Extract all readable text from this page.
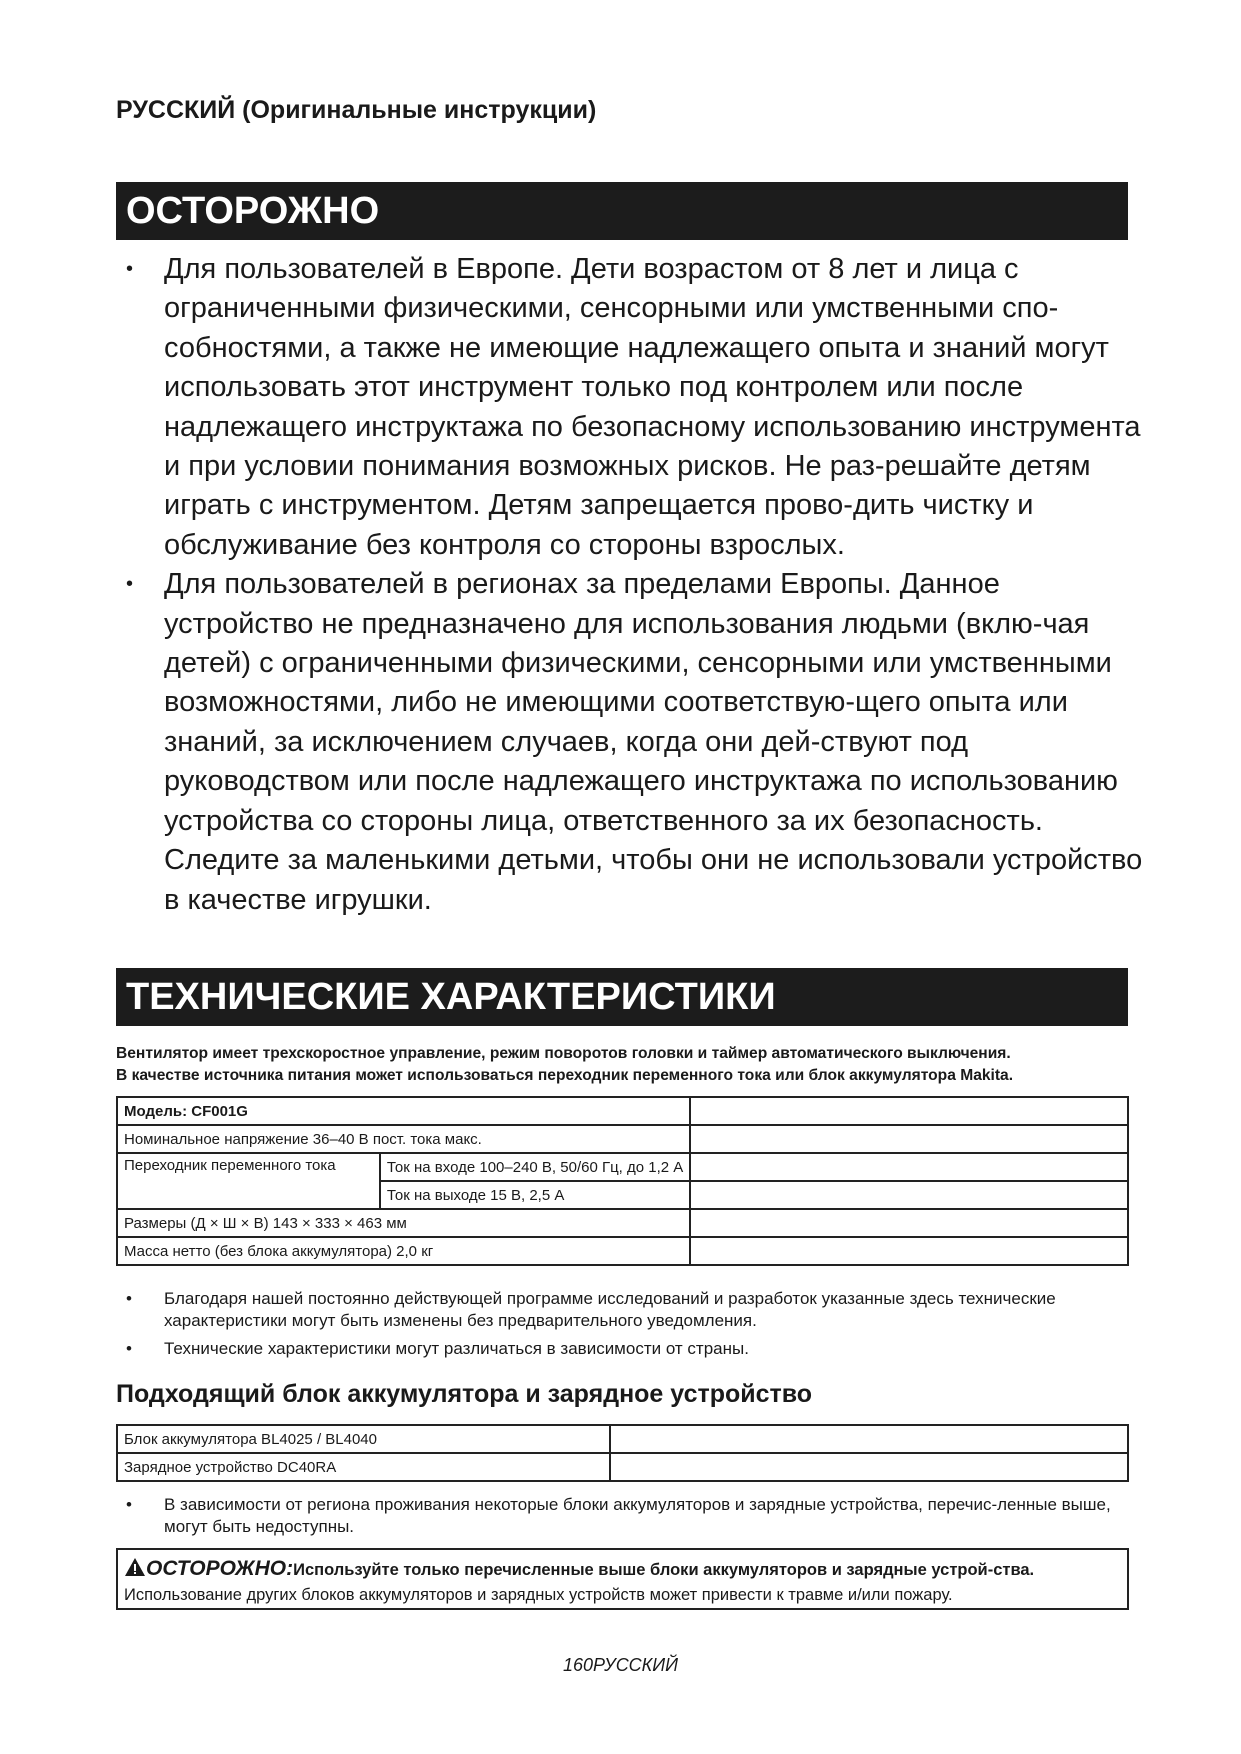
РУССКИЙ (Оригинальные инструкции)
ОСТОРОЖНО
• Для пользователей в Европе. Дети возрастом от 8 лет и лица с ограниченными физическими, сенсорными или умственными спо-собностями, а также не имеющие надлежащего опыта и знаний могут использовать этот инструмент только под контролем или после надлежащего инструктажа по безопасному использованию инструмента и при условии понимания возможных рисков. Не раз-решайте детям играть с инструментом. Детям запрещается прово-дить чистку и обслуживание без контроля со стороны взрослых.
• Для пользователей в регионах за пределами Европы. Данное устройство не предназначено для использования людьми (вклю-чая детей) с ограниченными физическими, сенсорными или умственными возможностями, либо не имеющими соответствую-щего опыта или знаний, за исключением случаев, когда они дей-ствуют под руководством или после надлежащего инструктажа по использованию устройства со стороны лица, ответственного за их безопасность. Следите за маленькими детьми, чтобы они не использовали устройство в качестве игрушки.
ТЕХНИЧЕСКИЕ ХАРАКТЕРИСТИКИ
Вентилятор имеет трехскоростное управление, режим поворотов головки и таймер автоматического выключения.
В качестве источника питания может использоваться переходник переменного тока или блок аккумулятора Makita.
Модель: CF001G		
Номинальное напряжение 36–40 В пост. тока макс.		
Переходник переменного тока	Ток на входе 100–240 В, 50/60 Гц, до 1,2 А	
	Ток на выходе 15 В, 2,5 А	
Размеры (Д × Ш × В) 143 × 333 × 463 мм		
Масса нетто (без блока аккумулятора) 2,0 кг		
• Благодаря нашей постоянно действующей программе исследований и разработок указанные здесь технические характеристики могут быть изменены без предварительного уведомления.
• Технические характеристики могут различаться в зависимости от страны.
Подходящий блок аккумулятора и зарядное устройство
Блок аккумулятора BL4025 / BL4040	
Зарядное устройство DC40RA	
• В зависимости от региона проживания некоторые блоки аккумуляторов и зарядные устройства, перечис-ленные выше, могут быть недоступны.
ОСТОРОЖНО:Используйте только перечисленные выше блоки аккумуляторов и зарядные устрой-ства. Использование других блоков аккумуляторов и зарядных устройств может привести к травме и/или пожару.
160РУССКИЙ
